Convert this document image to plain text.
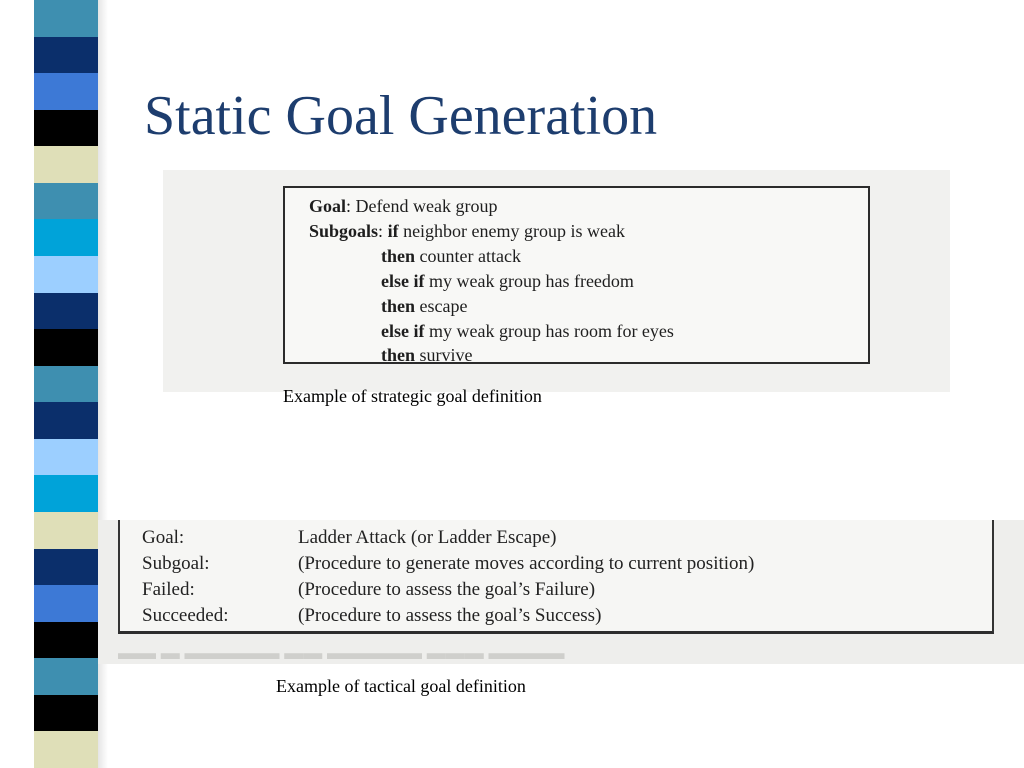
Static Goal Generation
Goal: Defend weak group
Subgoals: if neighbor enemy group is weak
then counter attack
else if my weak group has freedom
then escape
else if my weak group has room for eyes
then survive
Example of strategic goal definition
Goal:	Ladder Attack (or Ladder Escape)
Subgoal:	(Procedure to generate moves according to current position)
Failed:	(Procedure to assess the goal’s Failure)
Succeeded:	(Procedure to assess the goal’s Success)
▬▬ ▬ ▬▬▬▬▬ ▬▬ ▬▬▬▬▬ ▬▬▬ ▬▬▬▬
Example of tactical goal definition
